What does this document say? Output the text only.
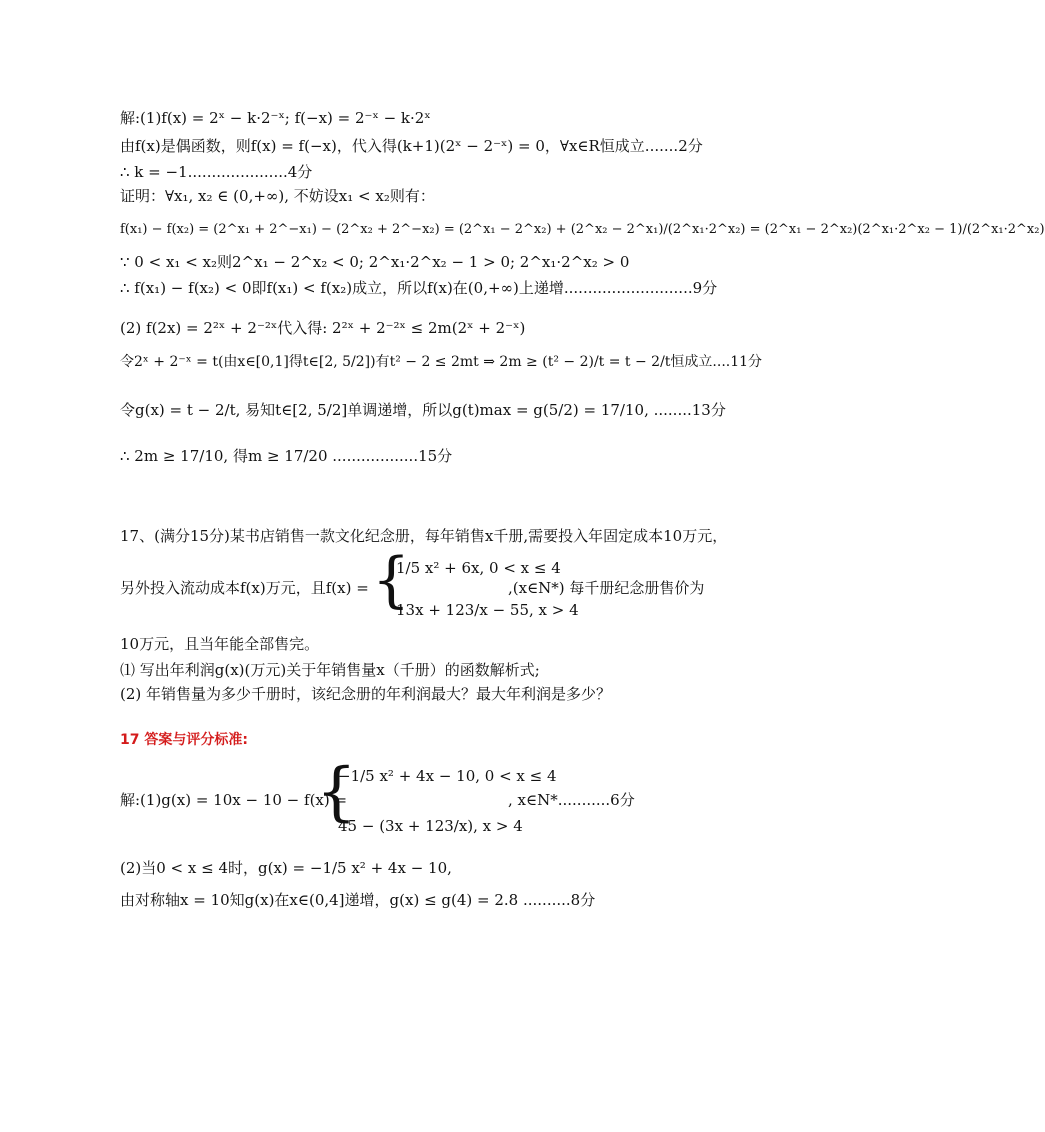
解:(1)f(x) = 2ˣ − k·2⁻ˣ; f(−x) = 2⁻ˣ − k·2ˣ
由f(x)是偶函数，则f(x) = f(−x)，代入得(k+1)(2ˣ − 2⁻ˣ) = 0，∀x∈R恒成立.......2分
∴ k = −1.....................4分
证明：∀x₁, x₂ ∈ (0,+∞), 不妨设x₁ < x₂则有：
f(x₁) − f(x₂) = (2^x₁ + 2^−x₁) − (2^x₂ + 2^−x₂) = (2^x₁ − 2^x₂) + (2^x₂ − 2^x₁)/(2^x₁·2^x₂) = (2^x₁ − 2^x₂)(2^x₁·2^x₂ − 1)/(2^x₁·2^x₂)
∵ 0 < x₁ < x₂则2^x₁ − 2^x₂ < 0; 2^x₁·2^x₂ − 1 > 0; 2^x₁·2^x₂ > 0
∴ f(x₁) − f(x₂) < 0即f(x₁) < f(x₂)成立，所以f(x)在(0,+∞)上递增...........................9分
(2) f(2x) = 2²ˣ + 2⁻²ˣ代入得: 2²ˣ + 2⁻²ˣ ≤ 2m(2ˣ + 2⁻ˣ)
令2ˣ + 2⁻ˣ = t(由x∈[0,1]得t∈[2, 5/2])有t² − 2 ≤ 2mt ⇒ 2m ≥ (t² − 2)/t = t − 2/t恒成立....11分
令g(x) = t − 2/t, 易知t∈[2, 5/2]单调递增，所以g(t)max = g(5/2) = 17/10, ........13分
∴ 2m ≥ 17/10, 得m ≥ 17/20 ..................15分
17、(满分15分)某书店销售一款文化纪念册，每年销售x千册,需要投入年固定成本10万元，
另外投入流动成本f(x)万元，且f(x) = {
1/5 x² + 6x, 0 < x ≤ 4
13x + 123/x − 55, x > 4
,(x∈N*) 每千册纪念册售价为
10万元，且当年能全部售完。
⑴ 写出年利润g(x)(万元)关于年销售量x（千册）的函数解析式;
(2) 年销售量为多少千册时，该纪念册的年利润最大？最大年利润是多少？
17 答案与评分标准:
解:(1)g(x) = 10x − 10 − f(x) =
{
−1/5 x² + 4x − 10, 0 < x ≤ 4
45 − (3x + 123/x), x > 4
, x∈N*...........6分
(2)当0 < x ≤ 4时，g(x) = −1/5 x² + 4x − 10,
由对称轴x = 10知g(x)在x∈(0,4]递增，g(x) ≤ g(4) = 2.8 ..........8分
